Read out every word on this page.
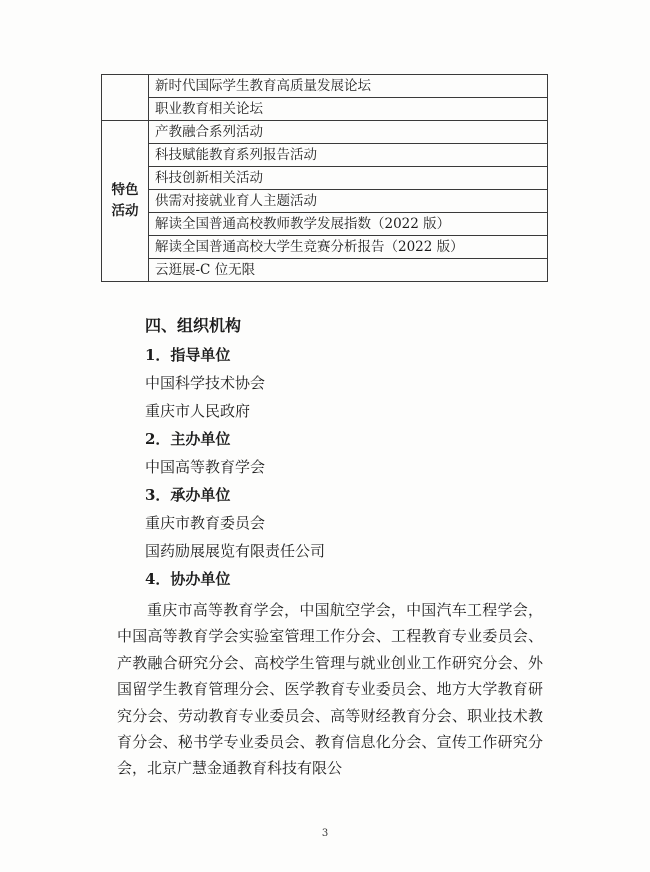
	新时代国际学生教育高质量发展论坛
	职业教育相关论坛

特色
活动	产教融合系列活动
	科技赋能教育系列报告活动
	科技创新相关活动
	供需对接就业育人主题活动
	解读全国普通高校教师教学发展指数（2022 版）
	解读全国普通高校大学生竞赛分析报告（2022 版）
	云逛展-C 位无限
四、组织机构
1．指导单位
中国科学技术协会
重庆市人民政府
2．主办单位
中国高等教育学会
3．承办单位
重庆市教育委员会
国药励展展览有限责任公司
4．协办单位
重庆市高等教育学会，中国航空学会，中国汽车工程学会，中国高等教育学会实验室管理工作分会、工程教育专业委员会、产教融合研究分会、高校学生管理与就业创业工作研究分会、外国留学生教育管理分会、医学教育专业委员会、地方大学教育研究分会、劳动教育专业委员会、高等财经教育分会、职业技术教育分会、秘书学专业委员会、教育信息化分会、宣传工作研究分会，北京广慧金通教育科技有限公
3
